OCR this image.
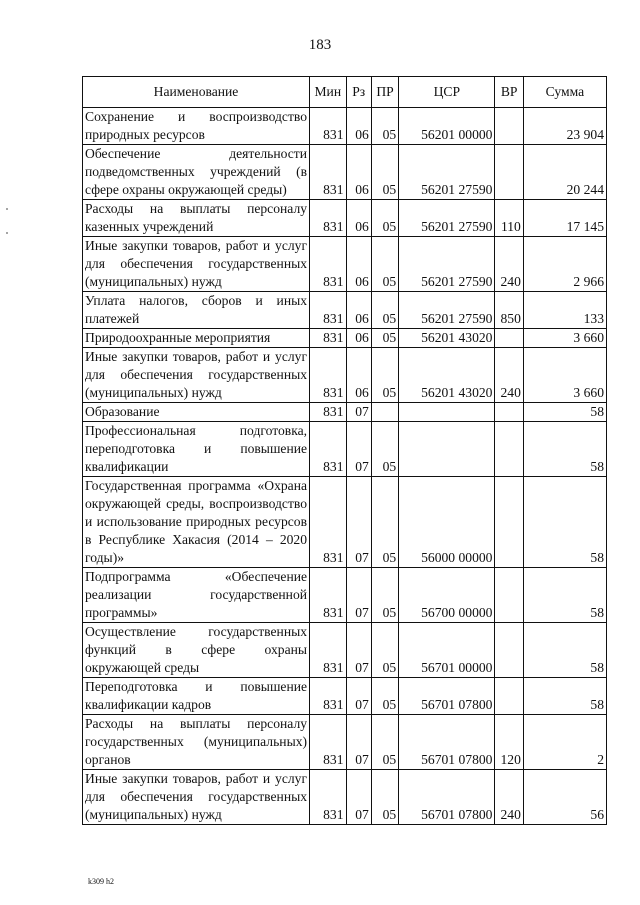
183
Наименование	Мин	Рз	ПР	ЦСР	ВР	Сумма
Сохранение и воспроизводство природных ресурсов	831	06	05	56201 00000		23 904
Обеспечение деятельности подведомственных учреждений (в сфере охраны окружающей среды)	831	06	05	56201 27590		20 244
Расходы на выплаты персоналу казенных учреждений	831	06	05	56201 27590	110	17 145
Иные закупки товаров, работ и услуг для обеспечения государственных (муниципальных) нужд	831	06	05	56201 27590	240	2 966
Уплата налогов, сборов и иных платежей	831	06	05	56201 27590	850	133
Природоохранные мероприятия	831	06	05	56201 43020		3 660
Иные закупки товаров, работ и услуг для обеспечения государственных (муниципальных) нужд	831	06	05	56201 43020	240	3 660
Образование	831	07				58
Профессиональная подготовка, переподготовка и повышение квалификации	831	07	05			58
Государственная программа «Охрана окружающей среды, воспроизводство и использование природных ресурсов в Республике Хакасия (2014 – 2020 годы)»	831	07	05	56000 00000		58
Подпрограмма «Обеспечение реализации государственной программы»	831	07	05	56700 00000		58
Осуществление государственных функций в сфере охраны окружающей среды	831	07	05	56701 00000		58
Переподготовка и повышение квалификации кадров	831	07	05	56701 07800		58
Расходы на выплаты персоналу государственных (муниципальных) органов	831	07	05	56701 07800	120	2
Иные закупки товаров, работ и услуг для обеспечения государственных (муниципальных) нужд	831	07	05	56701 07800	240	56
k309 h2
